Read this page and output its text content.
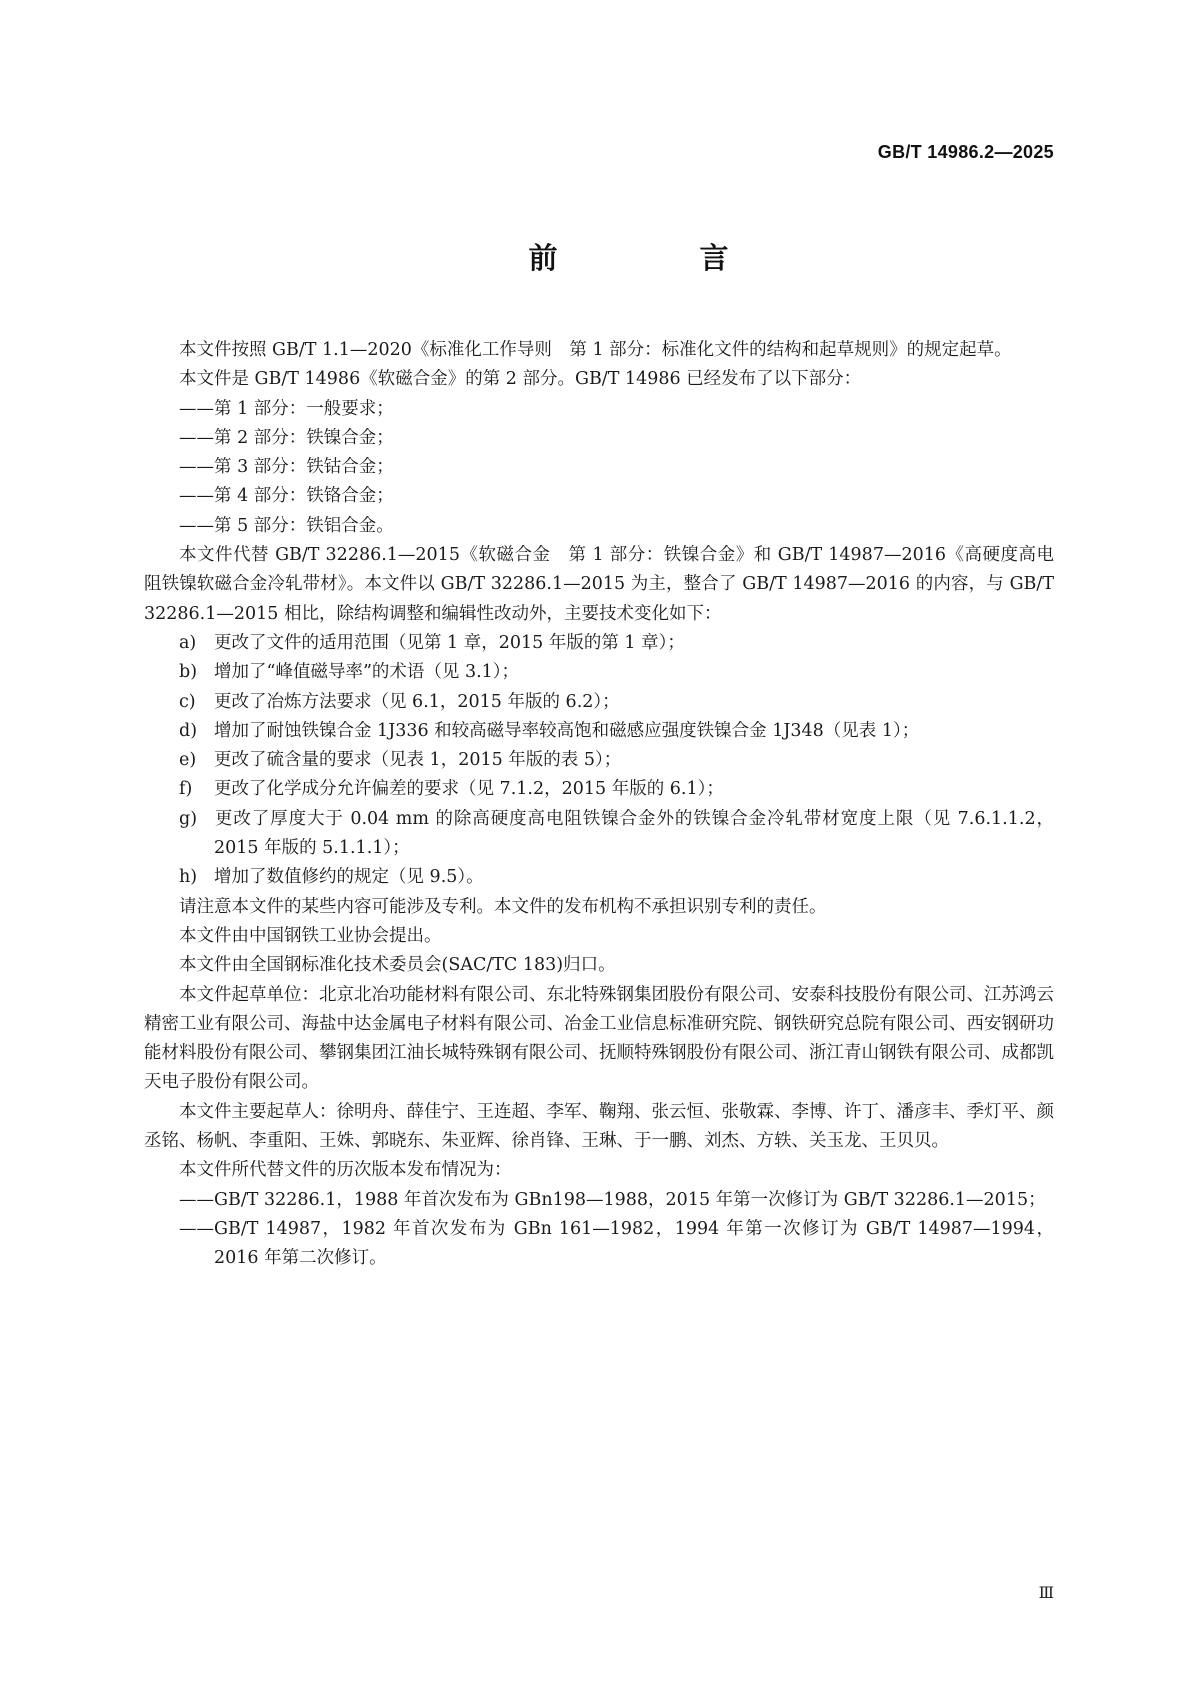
GB/T 14986.2—2025
前 言

本文件按照 GB/T 1.1—2020《标准化工作导则　第 1 部分：标准化文件的结构和起草规则》的规定起草。

本文件是 GB/T 14986《软磁合金》的第 2 部分。GB/T 14986 已经发布了以下部分：

——第 1 部分：一般要求；

——第 2 部分：铁镍合金；

——第 3 部分：铁钴合金；

——第 4 部分：铁铬合金；

——第 5 部分：铁铝合金。

本文件代替 GB/T 32286.1—2015《软磁合金　第 1 部分：铁镍合金》和 GB/T 14987—2016《高硬度高电阻铁镍软磁合金冷轧带材》。本文件以 GB/T 32286.1—2015 为主，整合了 GB/T 14987—2016 的内容，与 GB/T 32286.1—2015 相比，除结构调整和编辑性改动外，主要技术变化如下：

a) 更改了文件的适用范围（见第 1 章，2015 年版的第 1 章）；

b) 增加了“峰值磁导率”的术语（见 3.1）；

c) 更改了冶炼方法要求（见 6.1，2015 年版的 6.2）；

d) 增加了耐蚀铁镍合金 1J336 和较高磁导率较高饱和磁感应强度铁镍合金 1J348（见表 1）；

e) 更改了硫含量的要求（见表 1，2015 年版的表 5）；

f) 更改了化学成分允许偏差的要求（见 7.1.2，2015 年版的 6.1）；

g) 更改了厚度大于 0.04 mm 的除高硬度高电阻铁镍合金外的铁镍合金冷轧带材宽度上限（见 7.6.1.1.2，2015 年版的 5.1.1.1）；

h) 增加了数值修约的规定（见 9.5）。

请注意本文件的某些内容可能涉及专利。本文件的发布机构不承担识别专利的责任。

本文件由中国钢铁工业协会提出。

本文件由全国钢标准化技术委员会(SAC/TC 183)归口。

本文件起草单位：北京北冶功能材料有限公司、东北特殊钢集团股份有限公司、安泰科技股份有限公司、江苏鸿云精密工业有限公司、海盐中达金属电子材料有限公司、冶金工业信息标准研究院、钢铁研究总院有限公司、西安钢研功能材料股份有限公司、攀钢集团江油长城特殊钢有限公司、抚顺特殊钢股份有限公司、浙江青山钢铁有限公司、成都凯天电子股份有限公司。

本文件主要起草人：徐明舟、薛佳宁、王连超、李军、鞠翔、张云恒、张敬霖、李博、许丁、潘彦丰、季灯平、颜丞铭、杨帆、李重阳、王姝、郭晓东、朱亚辉、徐肖锋、王琳、于一鹏、刘杰、方轶、关玉龙、王贝贝。

本文件所代替文件的历次版本发布情况为：

——GB/T 32286.1，1988 年首次发布为 GBn198—1988，2015 年第一次修订为 GB/T 32286.1—2015；

——GB/T 14987，1982 年首次发布为 GBn 161—1982，1994 年第一次修订为 GB/T 14987—1994，2016 年第二次修订。

Ⅲ
